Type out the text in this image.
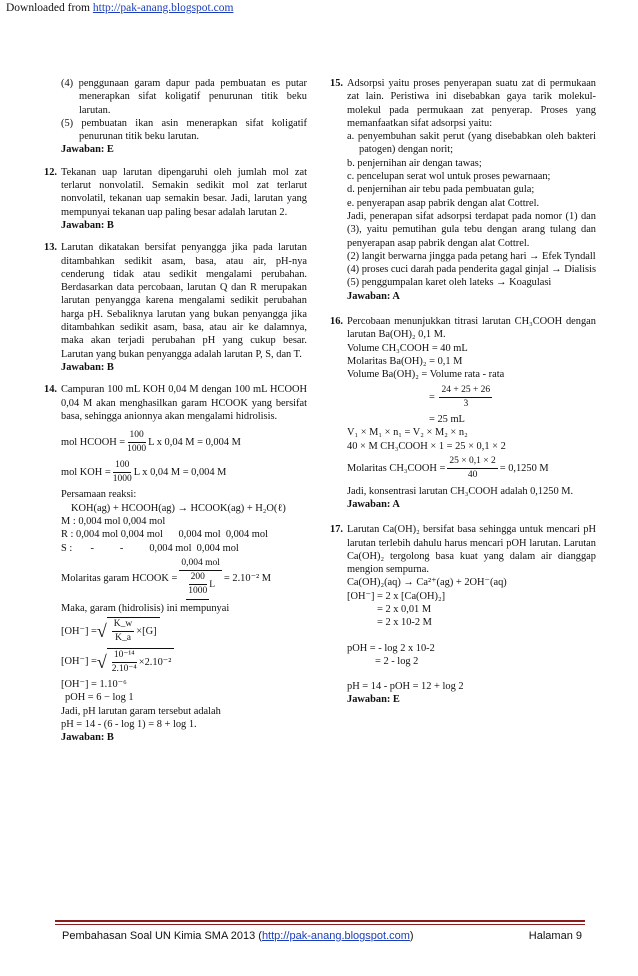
Downloaded from http://pak-anang.blogspot.com

(4) penggunaan garam dapur pada pembuatan es putar menerapkan sifat koligatif penurunan titik beku larutan.

(5) pembuatan ikan asin menerapkan sifat koligatif penurunan titik beku larutan.

Jawaban: E

12. Tekanan uap larutan dipengaruhi oleh jumlah mol zat terlarut nonvolatil. Semakin sedikit mol zat terlarut nonvolatil, tekanan uap semakin besar. Jadi, larutan yang mempunyai tekanan uap paling besar adalah larutan 2.

Jawaban: B

13. Larutan dikatakan bersifat penyangga jika pada larutan ditambahkan sedikit asam, basa, atau air, pH-nya cenderung tidak atau sedikit mengalami perubahan. Berdasarkan data percobaan, larutan Q dan R merupakan larutan penyangga karena mengalami sedikit perubahan harga pH. Sebaliknya larutan yang bukan penyangga jika ditambahkan sedikit asam, basa, atau air ke dalamnya, maka akan terjadi perubahan pH yang cukup besar. Larutan yang bukan penyangga adalah larutan P, S, dan T.

Jawaban: B

14. Campuran 100 mL KOH 0,04 M dengan 100 mL HCOOH 0,04 M akan menghasilkan garam HCOOK yang bersifat basa, sehingga anionnya akan mengalami hidrolisis.

mol HCOOH = $\frac{100}{1000}$ L x 0,04 M = 0,004 M
mol KOH = $\frac{100}{1000}$ L x 0,04 M = 0,004 M

Persamaan reaksi:

KOH(ag) + HCOOH(ag) → HCOOK(ag) + H₂O(ℓ)

M : 0,004 mol 0,004 mol

R : 0,004 mol 0,004 mol      0,004 mol  0,004 mol

S :       -          -          0,004 mol  0,004 mol

Molaritas garam HCOOK = $\frac{\text{0,004 mol}}{\frac{200}{1000} L} = 2.10^{-2}$ M

Maka, garam (hidrolisis) ini mempunyai

[OH⁻] = √ $\frac{K\_w}{K\_a} \times[G]$
[OH⁻] = √ $\frac{\text{10⁻¹⁴}}{\text{2.10⁻⁴}} \times 2.10^{-2}$

[OH⁻] = 1.10⁻⁶

pOH = 6 − log 1

Jadi, pH larutan garam tersebut adalah

pH = 14 - (6 - log 1) = 8 + log 1.

Jawaban: B

15. Adsorpsi yaitu proses penyerapan suatu zat di permukaan zat lain. Peristiwa ini disebabkan gaya tarik molekul-molekul pada permukaan zat penyerap. Proses yang memanfaatkan sifat adsorpsi yaitu:

a. penyembuhan sakit perut (yang disebabkan oleh bakteri patogen) dengan norit;

b. penjernihan air dengan tawas;

c. pencelupan serat wol untuk proses pewarnaan;

d. penjernihan air tebu pada pembuatan gula;

e. penyerapan asap pabrik dengan alat Cottrel.

Jadi, penerapan sifat adsorpsi terdapat pada nomor (1) dan (3), yaitu pemutihan gula tebu dengan arang tulang dan penyerapan asap pabrik dengan alat Cottrel.

(2) langit berwarna jingga pada petang hari → Efek Tyndall

(4) proses cuci darah pada penderita gagal ginjal → Dialisis

(5) penggumpalan karet oleh lateks → Koagulasi

Jawaban: A

16. Percobaan menunjukkan titrasi larutan CH₃COOH dengan larutan Ba(OH)₂ 0,1 M.

Volume CH₃COOH = 40 mL

Molaritas Ba(OH)₂ = 0,1 M

Volume Ba(OH)₂ = Volume rata - rata

= $\frac{24 + 25 + 26}{3}$

= 25 mL

V₁ × M₁ × n₁ = V₂ × M₂ × n₂

40 × M CH₃COOH × 1 = 25 × 0,1 × 2

Molaritas CH₃COOH = $\frac{25 \times 0,1 \times 2}{40} = 0,1250$ M

Jadi, konsentrasi larutan CH₃COOH adalah 0,1250 M.

Jawaban: A

17. Larutan Ca(OH)₂ bersifat basa sehingga untuk mencari pH larutan terlebih dahulu harus mencari pOH larutan. Larutan Ca(OH)₂ tergolong basa kuat yang dalam air dianggap mengion sempurna.

Ca(OH)₂(aq) → Ca²⁺(ag) + 2OH⁻(aq)

[OH⁻] = 2 x [Ca(OH)₂]

= 2 x 0,01 M

= 2 x 10-2 M

pOH = - log 2 x 10-2

= 2 - log 2

pH = 14 - pOH = 12 + log 2

Jawaban: E

Pembahasan Soal UN Kimia SMA 2013 (http://pak-anang.blogspot.com)	Halaman 9
